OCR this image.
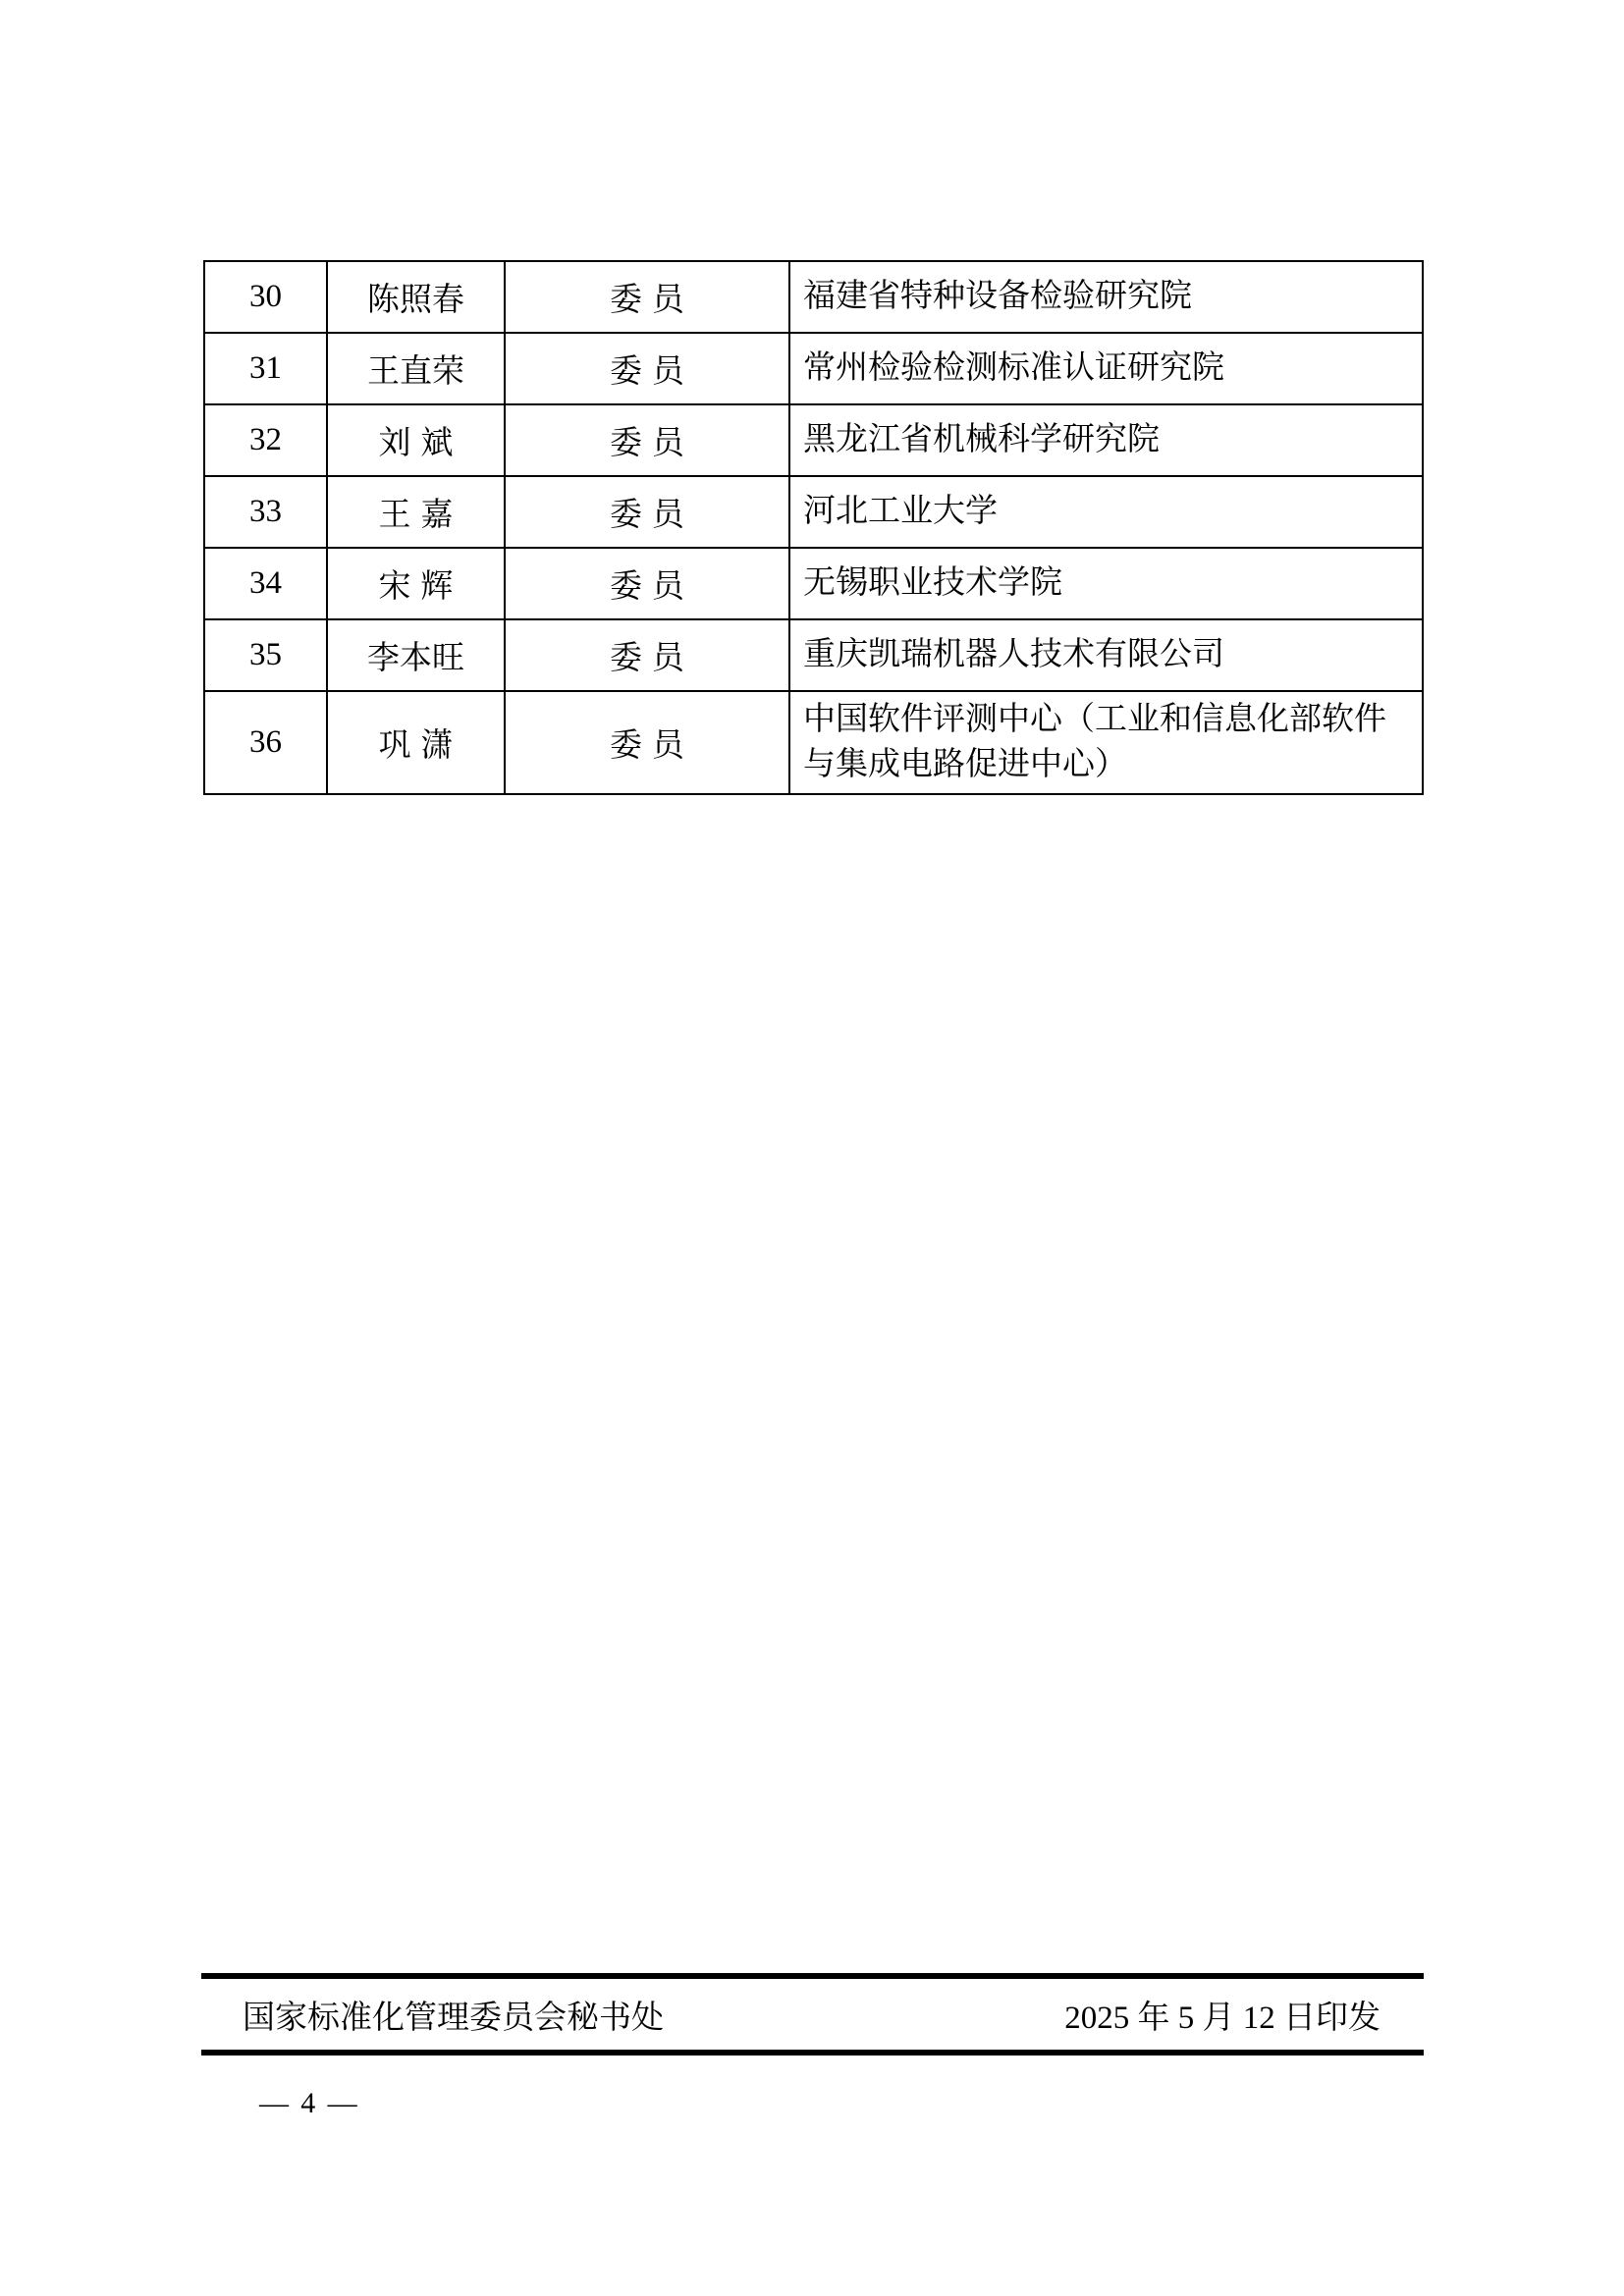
30	陈照春	委员	福建省特种设备检验研究院
31	王直荣	委员	常州检验检测标准认证研究院
32	刘斌	委员	黑龙江省机械科学研究院
33	王嘉	委员	河北工业大学
34	宋辉	委员	无锡职业技术学院
35	李本旺	委员	重庆凯瑞机器人技术有限公司
36	巩潇	委员	中国软件评测中心（工业和信息化部软件与集成电路促进中心）
国家标准化管理委员会秘书处	2025 年 5 月 12 日印发
— 4 —
